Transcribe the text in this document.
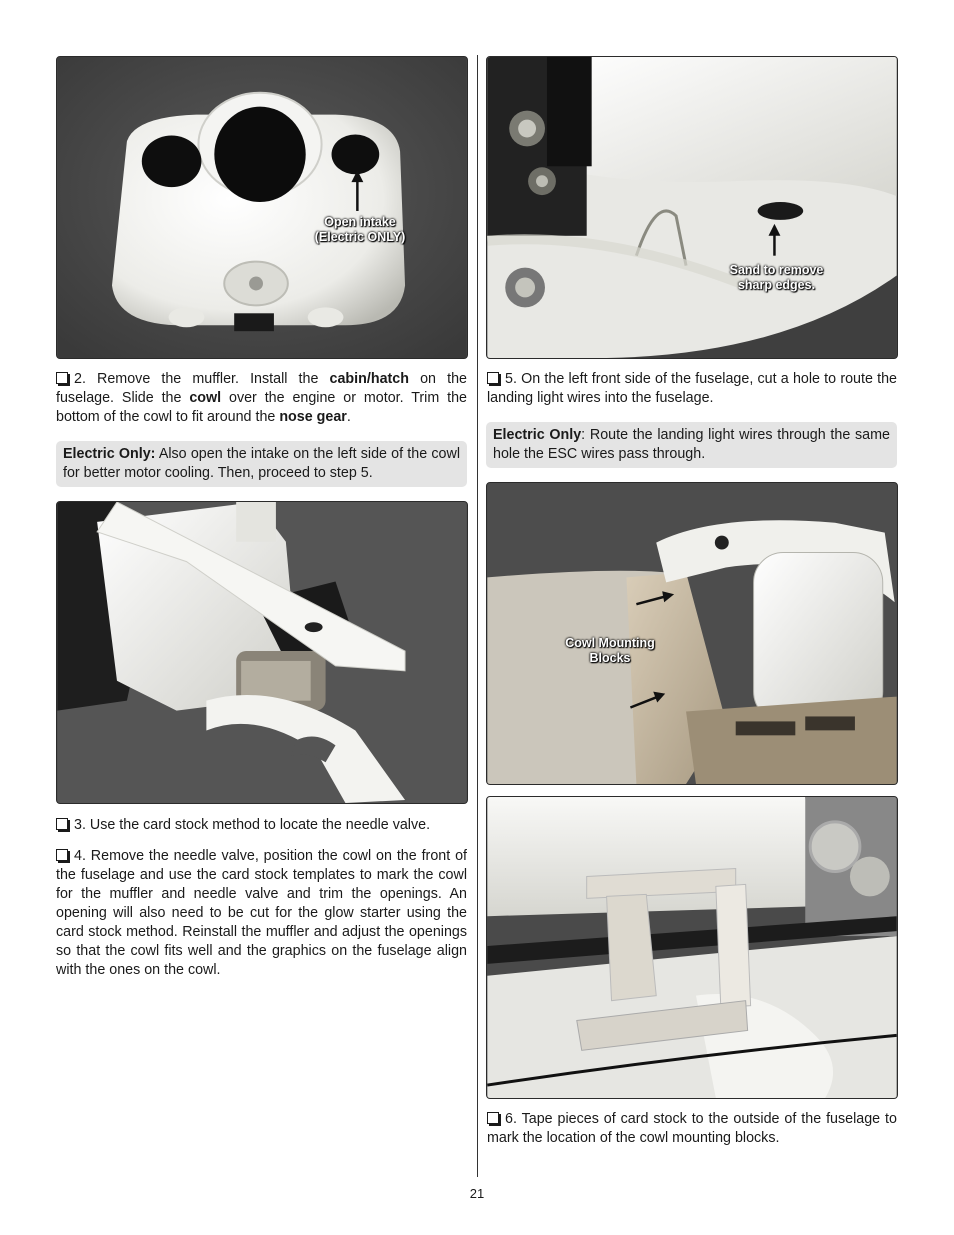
Open intake
(Electric ONLY)
Sand to remove
sharp edges.
2. Remove the muffler. Install the cabin/hatch on the fuselage. Slide the cowl over the engine or motor. Trim the bottom of the cowl to fit around the nose gear.
Electric Only: Also open the intake on the left side of the cowl for better motor cooling. Then, proceed to step 5.
5. On the left front side of the fuselage, cut a hole to route the landing light wires into the fuselage.
Electric Only: Route the landing light wires through the same hole the ESC wires pass through.
Cowl Mounting
Blocks
3. Use the card stock method to locate the needle valve.
4. Remove the needle valve, position the cowl on the front of the fuselage and use the card stock templates to mark the cowl for the muffler and needle valve and trim the openings. An opening will also need to be cut for the glow starter using the card stock method. Reinstall the muffler and adjust the openings so that the cowl fits well and the graphics on the fuselage align with the ones on the cowl.
6. Tape pieces of card stock to the outside of the fuselage to mark the location of the cowl mounting blocks.
21
